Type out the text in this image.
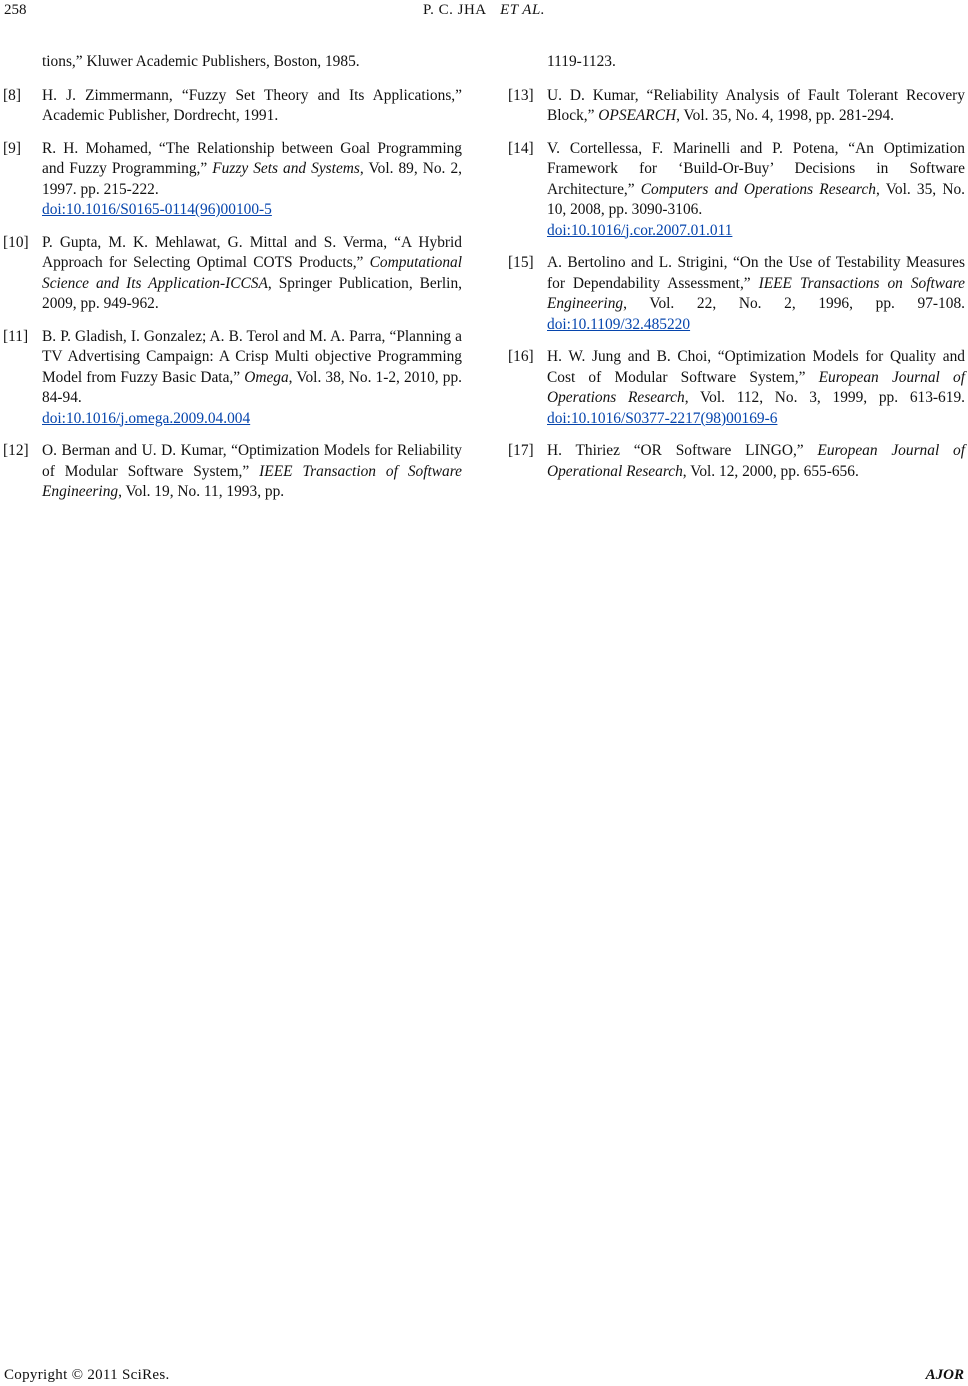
258	P. C. JHA ET AL.
tions,” Kluwer Academic Publishers, Boston, 1985.
[8] H. J. Zimmermann, “Fuzzy Set Theory and Its Applications,” Academic Publisher, Dordrecht, 1991.
[9] R. H. Mohamed, “The Relationship between Goal Programming and Fuzzy Programming,” Fuzzy Sets and Systems, Vol. 89, No. 2, 1997. pp. 215-222.
doi:10.1016/S0165-0114(96)00100-5
[10] P. Gupta, M. K. Mehlawat, G. Mittal and S. Verma, “A Hybrid Approach for Selecting Optimal COTS Products,” Computational Science and Its Application-ICCSA, Springer Publication, Berlin, 2009, pp. 949-962.
[11] B. P. Gladish, I. Gonzalez; A. B. Terol and M. A. Parra, “Planning a TV Advertising Campaign: A Crisp Multi objective Programming Model from Fuzzy Basic Data,” Omega, Vol. 38, No. 1-2, 2010, pp. 84-94.
doi:10.1016/j.omega.2009.04.004
[12] O. Berman and U. D. Kumar, “Optimization Models for Reliability of Modular Software System,” IEEE Transaction of Software Engineering, Vol. 19, No. 11, 1993, pp.
1119-1123.
[13] U. D. Kumar, “Reliability Analysis of Fault Tolerant Recovery Block,” OPSEARCH, Vol. 35, No. 4, 1998, pp. 281-294.
[14] V. Cortellessa, F. Marinelli and P. Potena, “An Optimization Framework for ‘Build-Or-Buy’ Decisions in Software Architecture,” Computers and Operations Research, Vol. 35, No. 10, 2008, pp. 3090-3106.
doi:10.1016/j.cor.2007.01.011
[15] A. Bertolino and L. Strigini, “On the Use of Testability Measures for Dependability Assessment,” IEEE Transactions on Software Engineering, Vol. 22, No. 2, 1996, pp. 97-108. doi:10.1109/32.485220
[16] H. W. Jung and B. Choi, “Optimization Models for Quality and Cost of Modular Software System,” European Journal of Operations Research, Vol. 112, No. 3, 1999, pp. 613-619. doi:10.1016/S0377-2217(98)00169-6
[17] H. Thiriez “OR Software LINGO,” European Journal of Operational Research, Vol. 12, 2000, pp. 655-656.
Copyright © 2011 SciRes.	AJOR
